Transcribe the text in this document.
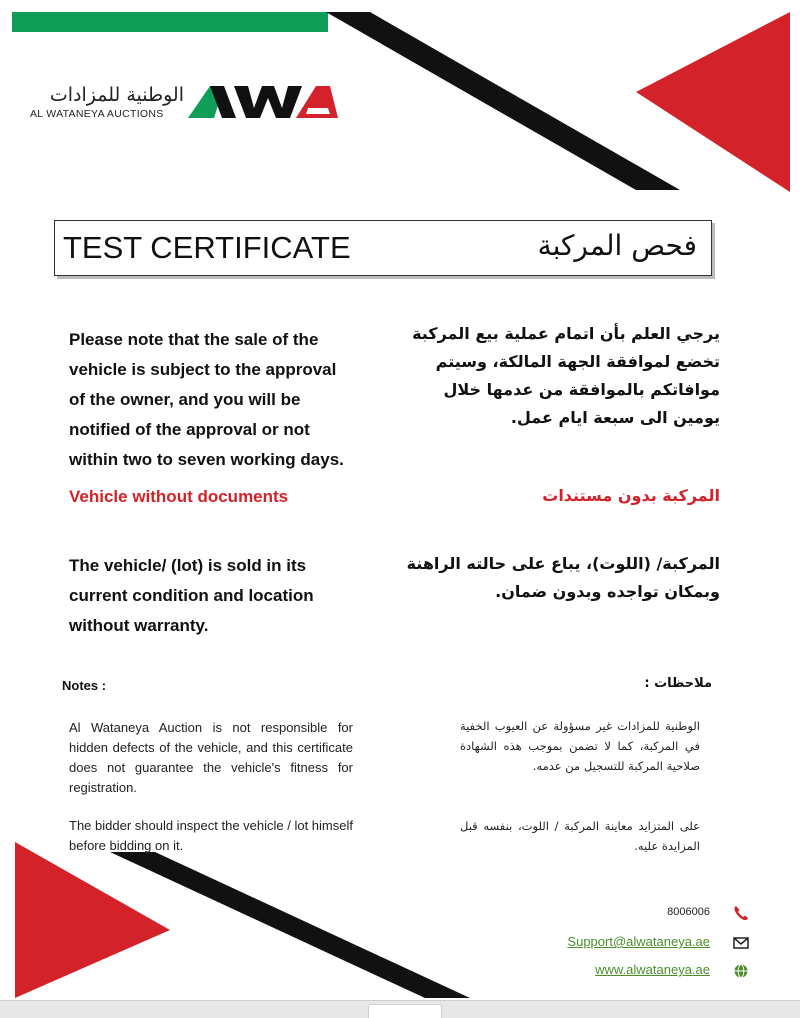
الوطنية للمزادات
AL WATANEYA AUCTIONS
TEST CERTIFICATE	فحص المركبة
Please note that the sale of the
vehicle is subject to the approval
of the owner, and you will be
notified of the approval or not
within two to seven working days.
يرجي العلم بأن اتمام عملية بيع المركبة
تخضع لموافقة الجهة المالكة، وسيتم
موافاتكم بالموافقة من عدمها خلال
يومين الى سبعة ايام عمل.
Vehicle without documents	المركبة بدون مستندات
The vehicle/ (lot) is sold in its
current condition and location
without warranty.
المركبة/ (اللوت)، يباع على حالته الراهنة
وبمكان تواجده وبدون ضمان.
Notes :	ملاحظات :
Al Wataneya Auction is not responsible for hidden defects of the vehicle, and this certificate does not guarantee the vehicle's fitness for registration.
The bidder should inspect the vehicle / lot himself before bidding on it.
الوطنية للمزادات غير مسؤولة عن العيوب الخفية في المركبة، كما لا تضمن بموجب هذه الشهادة صلاحية المركبة للتسجيل من عدمه.
على المتزايد معاينة المركبة / اللوت، بنفسه قبل المزايدة عليه.
8006006
Support@alwataneya.ae
www.alwataneya.ae
